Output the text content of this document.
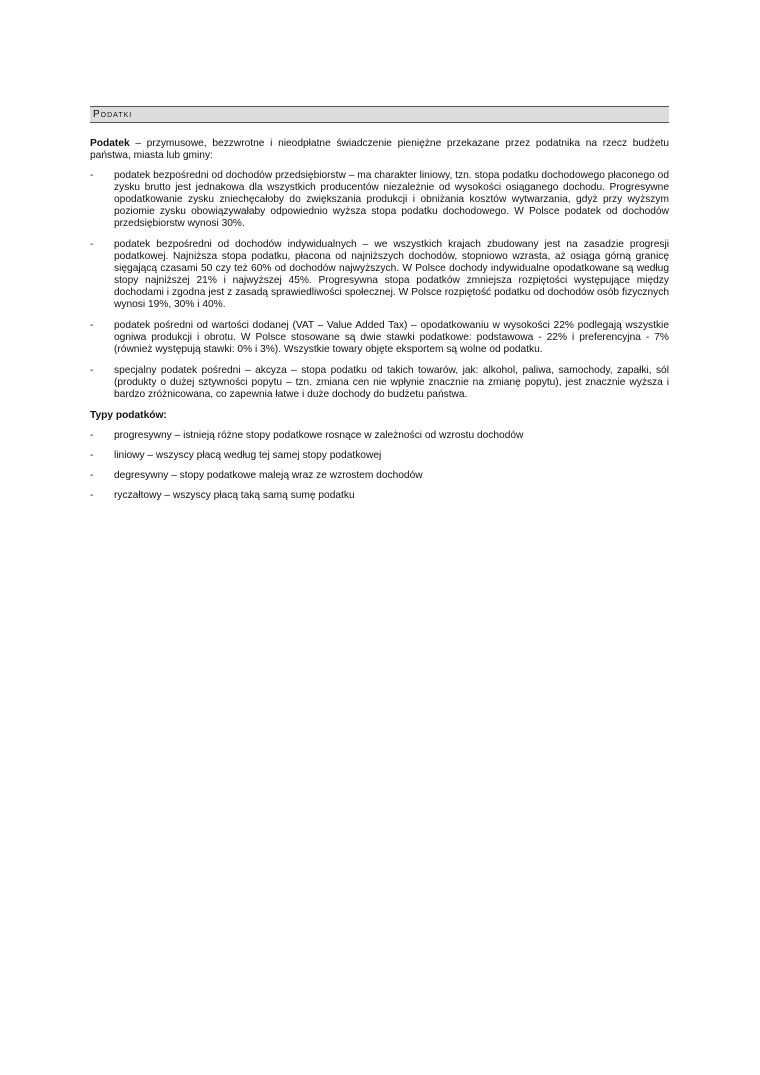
Podatki

Podatek – przymusowe, bezzwrotne i nieodpłatne świadczenie pieniężne przekazane przez podatnika na rzecz budżetu państwa, miasta lub gminy:

- podatek bezpośredni od dochodów przedsiębiorstw – ma charakter liniowy, tzn. stopa podatku dochodowego płaconego od zysku brutto jest jednakowa dla wszystkich producentów niezależnie od wysokości osiąganego dochodu. Progresywne opodatkowanie zysku zniechęcałoby do zwiększania produkcji i obniżania kosztów wytwarzania, gdyż przy wyższym poziomie zysku obowiązywałaby odpowiednio wyższa stopa podatku dochodowego. W Polsce podatek od dochodów przedsiębiorstw wynosi 30%.
- podatek bezpośredni od dochodów indywidualnych – we wszystkich krajach zbudowany jest na zasadzie progresji podatkowej. Najniższa stopa podatku, płacona od najniższych dochodów, stopniowo wzrasta, aż osiąga górną granicę sięgającą czasami 50 czy też 60% od dochodów najwyższych. W Polsce dochody indywidualne opodatkowane są według stopy najniższej 21% i najwyższej 45%. Progresywna stopa podatków zmniejsza rozpiętości występujące między dochodami i zgodna jest z zasadą sprawiedliwości społecznej. W Polsce rozpiętość podatku od dochodów osób fizycznych wynosi 19%, 30% i 40%.
- podatek pośredni od wartości dodanej (VAT – Value Added Tax) – opodatkowaniu w wysokości 22% podlegają wszystkie ogniwa produkcji i obrotu. W Polsce stosowane są dwie stawki podatkowe: podstawowa - 22% i preferencyjna - 7% (również występują stawki: 0% i 3%). Wszystkie towary objęte eksportem są wolne od podatku.
- specjalny podatek pośredni – akcyza – stopa podatku od takich towarów, jak: alkohol, paliwa, samochody, zapałki, sól (produkty o dużej sztywności popytu – tzn. zmiana cen nie wpłynie znacznie na zmianę popytu), jest znacznie wyższa i bardzo zróżnicowana, co zapewnia łatwe i duże dochody do budżetu państwa.
Typy podatków:
- progresywny – istnieją różne stopy podatkowe rosnące w zależności od wzrostu dochodów
- liniowy – wszyscy płacą według tej samej stopy podatkowej
- degresywny – stopy podatkowe maleją wraz ze wzrostem dochodów
- ryczałtowy – wszyscy płacą taką samą sumę podatku
